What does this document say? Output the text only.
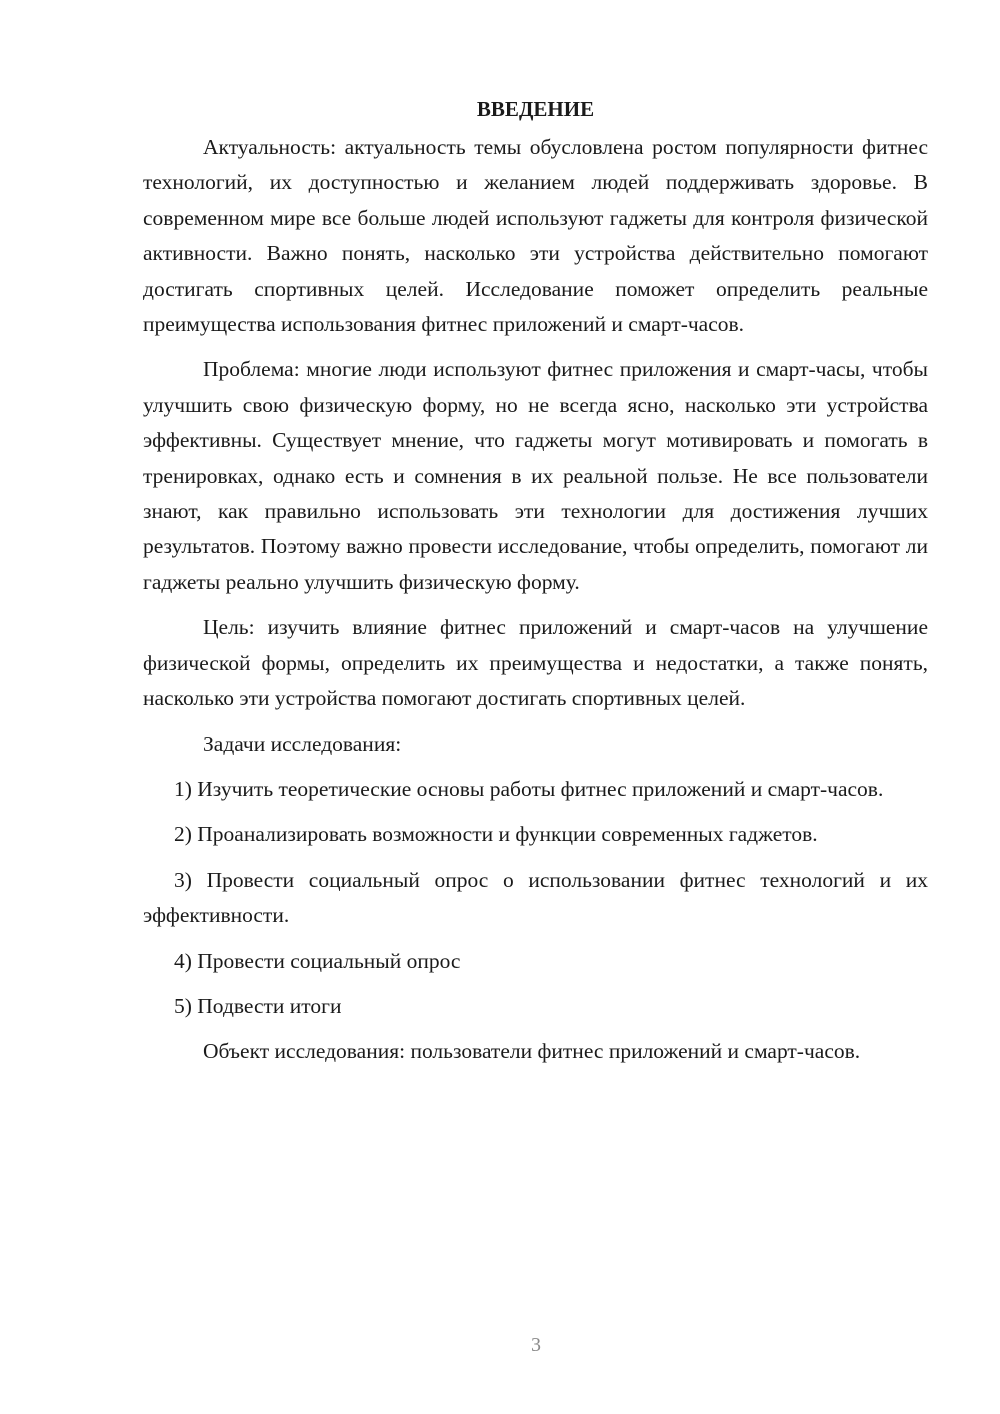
ВВЕДЕНИЕ

Актуальность: актуальность темы обусловлена ростом популярности фитнес технологий, их доступностью и желанием людей поддерживать здоровье. В современном мире все больше людей используют гаджеты для контроля физической активности. Важно понять, насколько эти устройства действительно помогают достигать спортивных целей. Исследование поможет определить реальные преимущества использования фитнес приложений и смарт-часов.

Проблема: многие люди используют фитнес приложения и смарт-часы, чтобы улучшить свою физическую форму, но не всегда ясно, насколько эти устройства эффективны. Существует мнение, что гаджеты могут мотивировать и помогать в тренировках, однако есть и сомнения в их реальной пользе. Не все пользователи знают, как правильно использовать эти технологии для достижения лучших результатов. Поэтому важно провести исследование, чтобы определить, помогают ли гаджеты реально улучшить физическую форму.

Цель: изучить влияние фитнес приложений и смарт-часов на улучшение физической формы, определить их преимущества и недостатки, а также понять, насколько эти устройства помогают достигать спортивных целей.

Задачи исследования:

1) Изучить теоретические основы работы фитнес приложений и смарт-часов.

2) Проанализировать возможности и функции современных гаджетов.

3) Провести социальный опрос о использовании фитнес технологий и их эффективности.

4) Провести социальный опрос

5) Подвести итоги

Объект исследования: пользователи фитнес приложений и смарт-часов.

3
